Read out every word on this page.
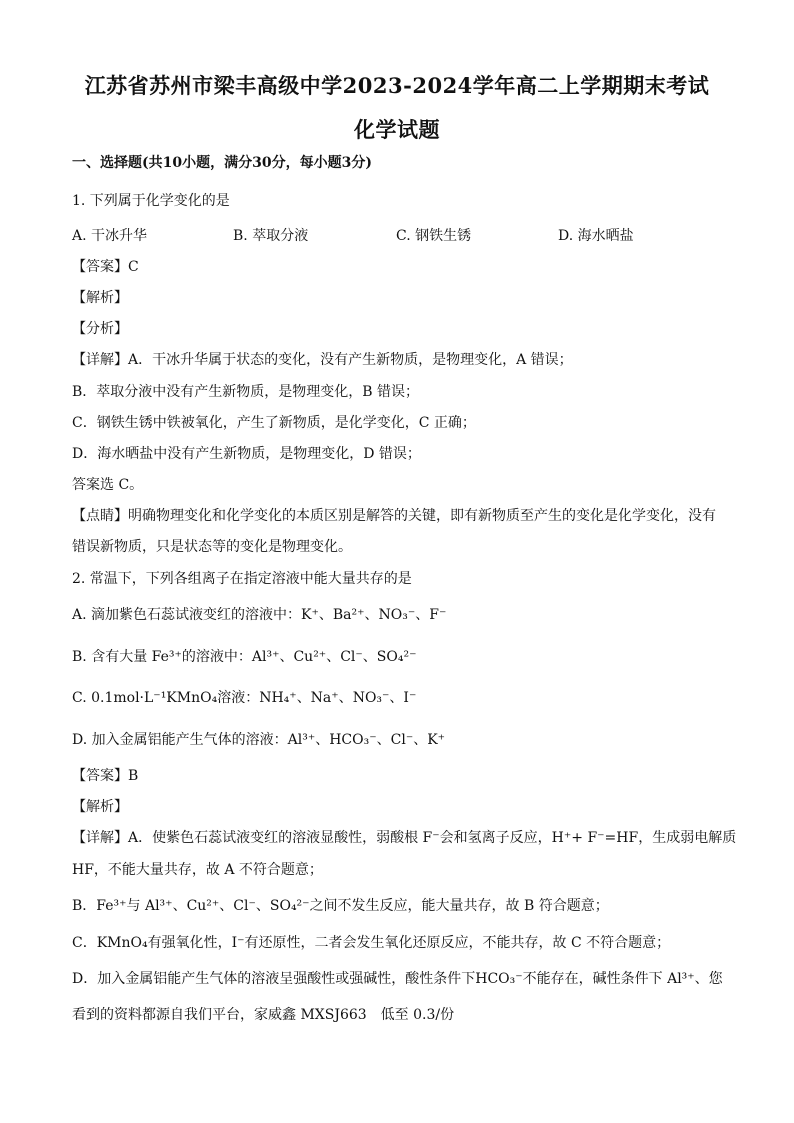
江苏省苏州市梁丰高级中学2023-2024学年高二上学期期末考试
化学试题
一、选择题(共10小题，满分30分，每小题3分)
1. 下列属于化学变化的是
A. 干冰升华	B. 萃取分液	C. 钢铁生锈	D. 海水晒盐
【答案】C
【解析】
【分析】
【详解】A．干冰升华属于状态的变化，没有产生新物质，是物理变化，A 错误；
B．萃取分液中没有产生新物质，是物理变化，B 错误；
C．钢铁生锈中铁被氧化，产生了新物质，是化学变化，C 正确；
D．海水晒盐中没有产生新物质，是物理变化，D 错误；
答案选 C。
【点睛】明确物理变化和化学变化的本质区别是解答的关键，即有新物质至产生的变化是化学变化，没有
错误新物质，只是状态等的变化是物理变化。
2. 常温下，下列各组离子在指定溶液中能大量共存的是
A. 滴加紫色石蕊试液变红的溶液中：K⁺、Ba²⁺、NO₃⁻、F⁻
B. 含有大量 Fe³⁺的溶液中：Al³⁺、Cu²⁺、Cl⁻、SO₄²⁻
C. 0.1mol·L⁻¹KMnO₄溶液：NH₄⁺、Na⁺、NO₃⁻、I⁻
D. 加入金属铝能产生气体的溶液：Al³⁺、HCO₃⁻、Cl⁻、K⁺
【答案】B
【解析】
【详解】A．使紫色石蕊试液变红的溶液显酸性，弱酸根 F⁻会和氢离子反应，H⁺+ F⁻=HF，生成弱电解质
HF，不能大量共存，故 A 不符合题意；
B．Fe³⁺与 Al³⁺、Cu²⁺、Cl⁻、SO₄²⁻之间不发生反应，能大量共存，故 B 符合题意；
C．KMnO₄有强氧化性，I⁻有还原性，二者会发生氧化还原反应，不能共存，故 C 不符合题意；
D．加入金属铝能产生气体的溶液呈强酸性或强碱性，酸性条件下HCO₃⁻不能存在，碱性条件下 Al³⁺、您
看到的资料都源自我们平台，家威鑫 MXSJ663　低至 0.3/份
